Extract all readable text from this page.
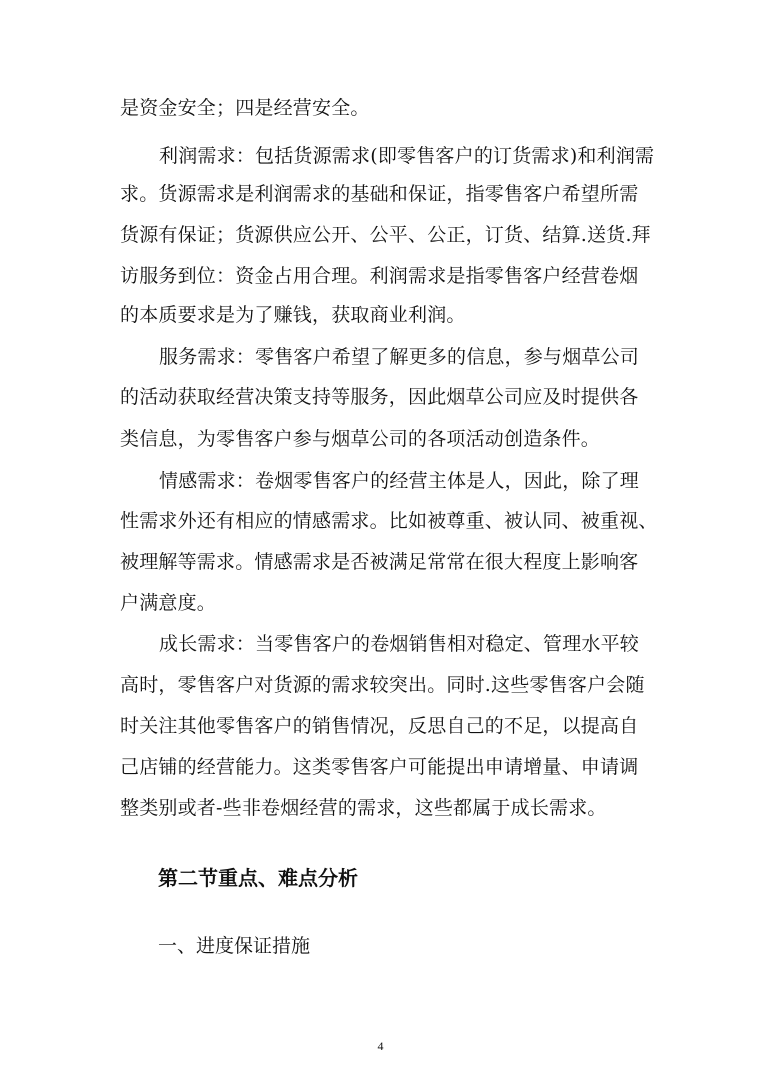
是资金安全；四是经营安全。
利润需求：包括货源需求(即零售客户的订货需求)和利润需
求。货源需求是利润需求的基础和保证，指零售客户希望所需
货源有保证；货源供应公开、公平、公正，订货、结算.送货.拜
访服务到位：资金占用合理。利润需求是指零售客户经营卷烟
的本质要求是为了赚钱，获取商业利润。
服务需求：零售客户希望了解更多的信息，参与烟草公司
的活动获取经营决策支持等服务，因此烟草公司应及时提供各
类信息，为零售客户参与烟草公司的各项活动创造条件。
情感需求：卷烟零售客户的经营主体是人，因此，除了理
性需求外还有相应的情感需求。比如被尊重、被认同、被重视、
被理解等需求。情感需求是否被满足常常在很大程度上影响客
户满意度。
成长需求：当零售客户的卷烟销售相对稳定、管理水平较
高时，零售客户对货源的需求较突出。同时.这些零售客户会随
时关注其他零售客户的销售情况，反思自己的不足，以提高自
己店铺的经营能力。这类零售客户可能提出申请增量、申请调
整类别或者-些非卷烟经营的需求，这些都属于成长需求。
第二节重点、难点分析
一、进度保证措施
4
